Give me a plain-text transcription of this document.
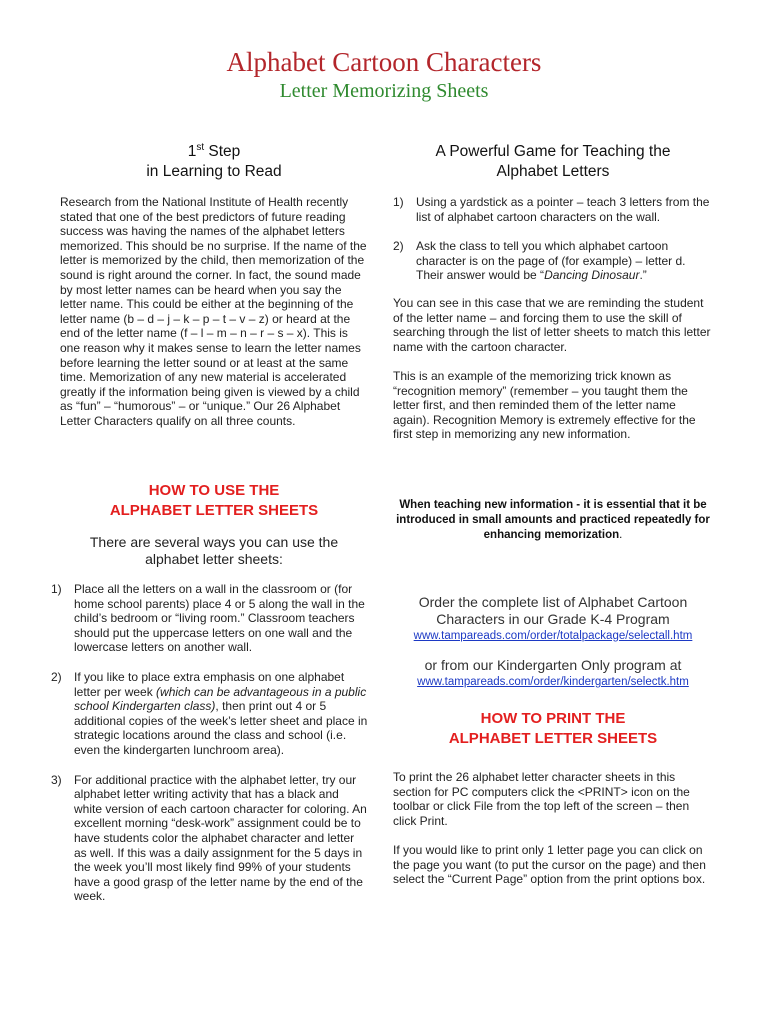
Alphabet Cartoon Characters
Letter Memorizing Sheets
1st Step
in Learning to Read
Research from the National Institute of Health recently stated that one of the best predictors of future reading success was having the names of the alphabet letters memorized. This should be no surprise. If the name of the letter is memorized by the child, then memorization of the sound is right around the corner. In fact, the sound made by most letter names can be heard when you say the letter name. This could be either at the beginning of the letter name (b – d – j – k – p – t – v – z) or heard at the end of the letter name (f – l – m – n – r – s – x). This is one reason why it makes sense to learn the letter names before learning the letter sound or at least at the same time. Memorization of any new material is accelerated greatly if the information being given is viewed by a child as “fun” – “humorous” – or “unique.” Our 26 Alphabet Letter Characters qualify on all three counts.
HOW TO USE THE
ALPHABET LETTER SHEETS
There are several ways you can use the alphabet letter sheets:
1) Place all the letters on a wall in the classroom or (for home school parents) place 4 or 5 along the wall in the child’s bedroom or “living room.” Classroom teachers should put the uppercase letters on one wall and the lowercase letters on another wall.
2) If you like to place extra emphasis on one alphabet letter per week (which can be advantageous in a public school Kindergarten class), then print out 4 or 5 additional copies of the week’s letter sheet and place in strategic locations around the class and school (i.e. even the kindergarten lunchroom area).
3) For additional practice with the alphabet letter, try our alphabet letter writing activity that has a black and white version of each cartoon character for coloring. An excellent morning “desk-work” assignment could be to have students color the alphabet character and letter as well. If this was a daily assignment for the 5 days in the week you’ll most likely find 99% of your students have a good grasp of the letter name by the end of the week.
A Powerful Game for Teaching the
Alphabet Letters
1) Using a yardstick as a pointer – teach 3 letters from the list of alphabet cartoon characters on the wall.
2) Ask the class to tell you which alphabet cartoon character is on the page of (for example) – letter d. Their answer would be “Dancing Dinosaur.”
You can see in this case that we are reminding the student of the letter name – and forcing them to use the skill of searching through the list of letter sheets to match this letter name with the cartoon character.
This is an example of the memorizing trick known as “recognition memory” (remember – you taught them the letter first, and then reminded them of the letter name again). Recognition Memory is extremely effective for the first step in memorizing any new information.
When teaching new information - it is essential that it be introduced in small amounts and practiced repeatedly for enhancing memorization.
Order the complete list of Alphabet Cartoon Characters in our Grade K-4 Program
www.tampareads.com/order/totalpackage/selectall.htm
or from our Kindergarten Only program at
www.tampareads.com/order/kindergarten/selectk.htm
HOW TO PRINT THE
ALPHABET LETTER SHEETS
To print the 26 alphabet letter character sheets in this section for PC computers click the <PRINT> icon on the toolbar or click File from the top left of the screen – then click Print.
If you would like to print only 1 letter page you can click on the page you want (to put the cursor on the page) and then select the “Current Page” option from the print options box.
